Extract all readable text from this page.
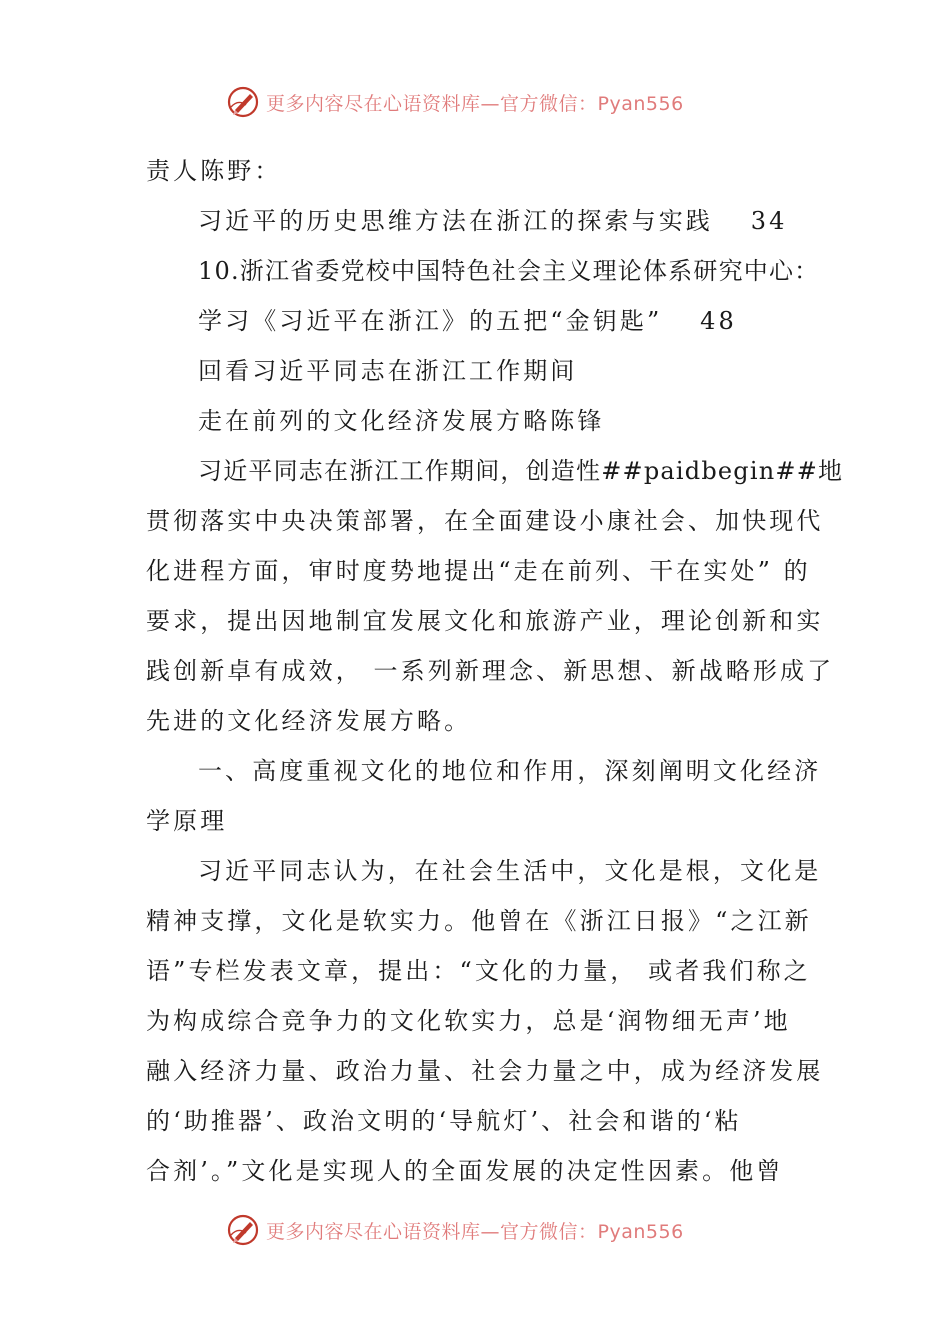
更多内容尽在心语资料库—官方微信：Pyan556
责人陈野：
习近平的历史思维方法在浙江的探索与实践　 34
10.浙江省委党校中国特色社会主义理论体系研究中心：
学习《习近平在浙江》的五把“金钥匙”　 48
回看习近平同志在浙江工作期间
走在前列的文化经济发展方略陈锋
习近平同志在浙江工作期间，创造性##paidbegin##地
贯彻落实中央决策部署，在全面建设小康社会、加快现代
化进程方面，审时度势地提出“走在前列、干在实处” 的
要求，提出因地制宜发展文化和旅游产业，理论创新和实
践创新卓有成效， 一系列新理念、新思想、新战略形成了
先进的文化经济发展方略。
一、高度重视文化的地位和作用，深刻阐明文化经济
学原理
习近平同志认为，在社会生活中，文化是根，文化是
精神支撑，文化是软实力。他曾在《浙江日报》“之江新
语”专栏发表文章，提出：“文化的力量， 或者我们称之
为构成综合竞争力的文化软实力，总是‘润物细无声’地
融入经济力量、政治力量、社会力量之中，成为经济发展
的‘助推器’、政治文明的‘导航灯’、社会和谐的‘粘
合剂’。”文化是实现人的全面发展的决定性因素。他曾
更多内容尽在心语资料库—官方微信：Pyan556
